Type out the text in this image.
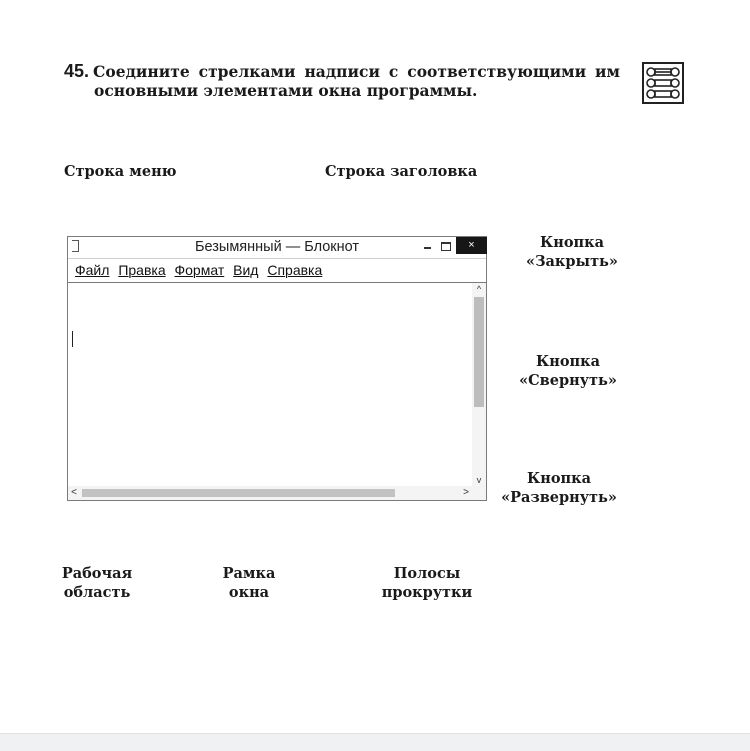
45. Соедините стрелками надписи с соответствующими им
основными элементами окна программы.
Строка меню	Строка заголовка
Кнопка
«Закрыть»
Кнопка
«Свернуть»
Кнопка
«Развернуть»
Рабочая
область
Рамка
окна
Полосы
прокрутки
Безымянный — Блокнот	×
Файл Правка Формат Вид Справка
^
v
<	>
